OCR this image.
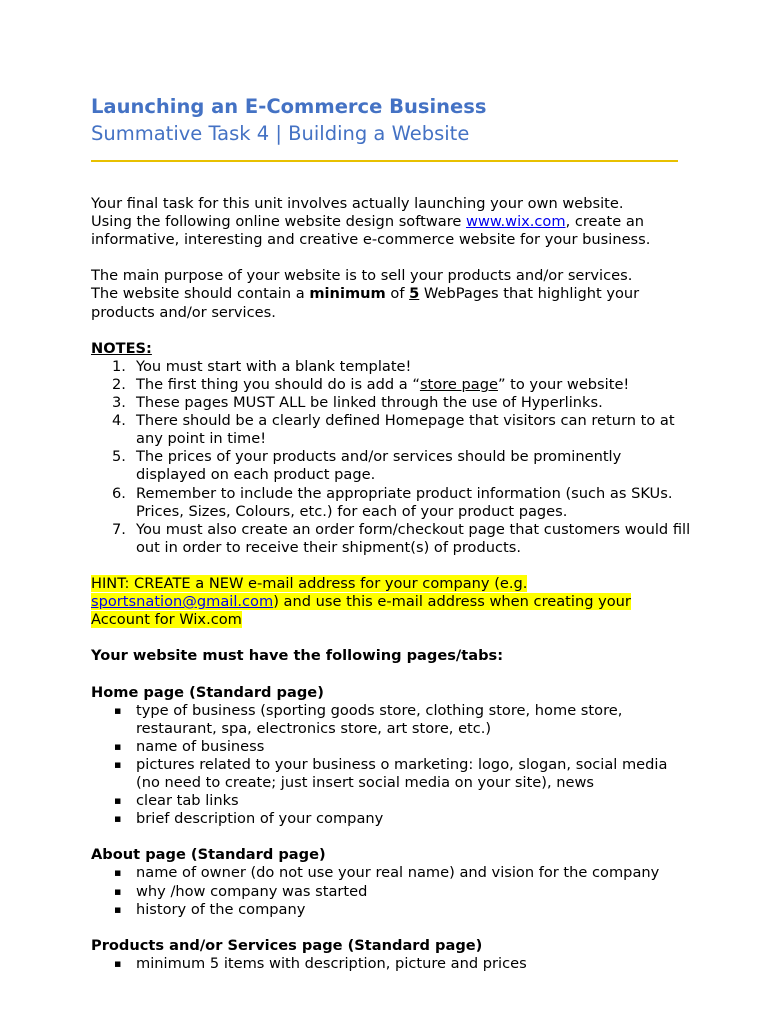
Launching an E-Commerce Business
Summative Task 4 | Building a Website

Your final task for this unit involves actually launching your own website.

Using the following online website design software www.wix.com, create an

informative, interesting and creative e-commerce website for your business.

The main purpose of your website is to sell your products and/or services.

The website should contain a minimum of 5 WebPages that highlight your

products and/or services.

NOTES:

1. You must start with a blank template!
2. The first thing you should do is add a “store page” to your website!
3. These pages MUST ALL be linked through the use of Hyperlinks.
4. There should be a clearly defined Homepage that visitors can return to at any point in time!
5. The prices of your products and/or services should be prominently displayed on each product page.
6. Remember to include the appropriate product information (such as SKUs. Prices, Sizes, Colours, etc.) for each of your product pages.
7. You must also create an order form/checkout page that customers would fill out in order to receive their shipment(s) of products.

HINT: CREATE a NEW e-mail address for your company (e.g.

sportsnation@gmail.com) and use this e-mail address when creating your

Account for Wix.com

Your website must have the following pages/tabs:

Home page (Standard page)

▪ type of business (sporting goods store, clothing store, home store, restaurant, spa, electronics store, art store, etc.)
▪ name of business
▪ pictures related to your business o marketing: logo, slogan, social media (no need to create; just insert social media on your site), news
▪ clear tab links
▪ brief description of your company

About page (Standard page)

▪ name of owner (do not use your real name) and vision for the company
▪ why /how company was started
▪ history of the company

Products and/or Services page (Standard page)

▪ minimum 5 items with description, picture and prices
